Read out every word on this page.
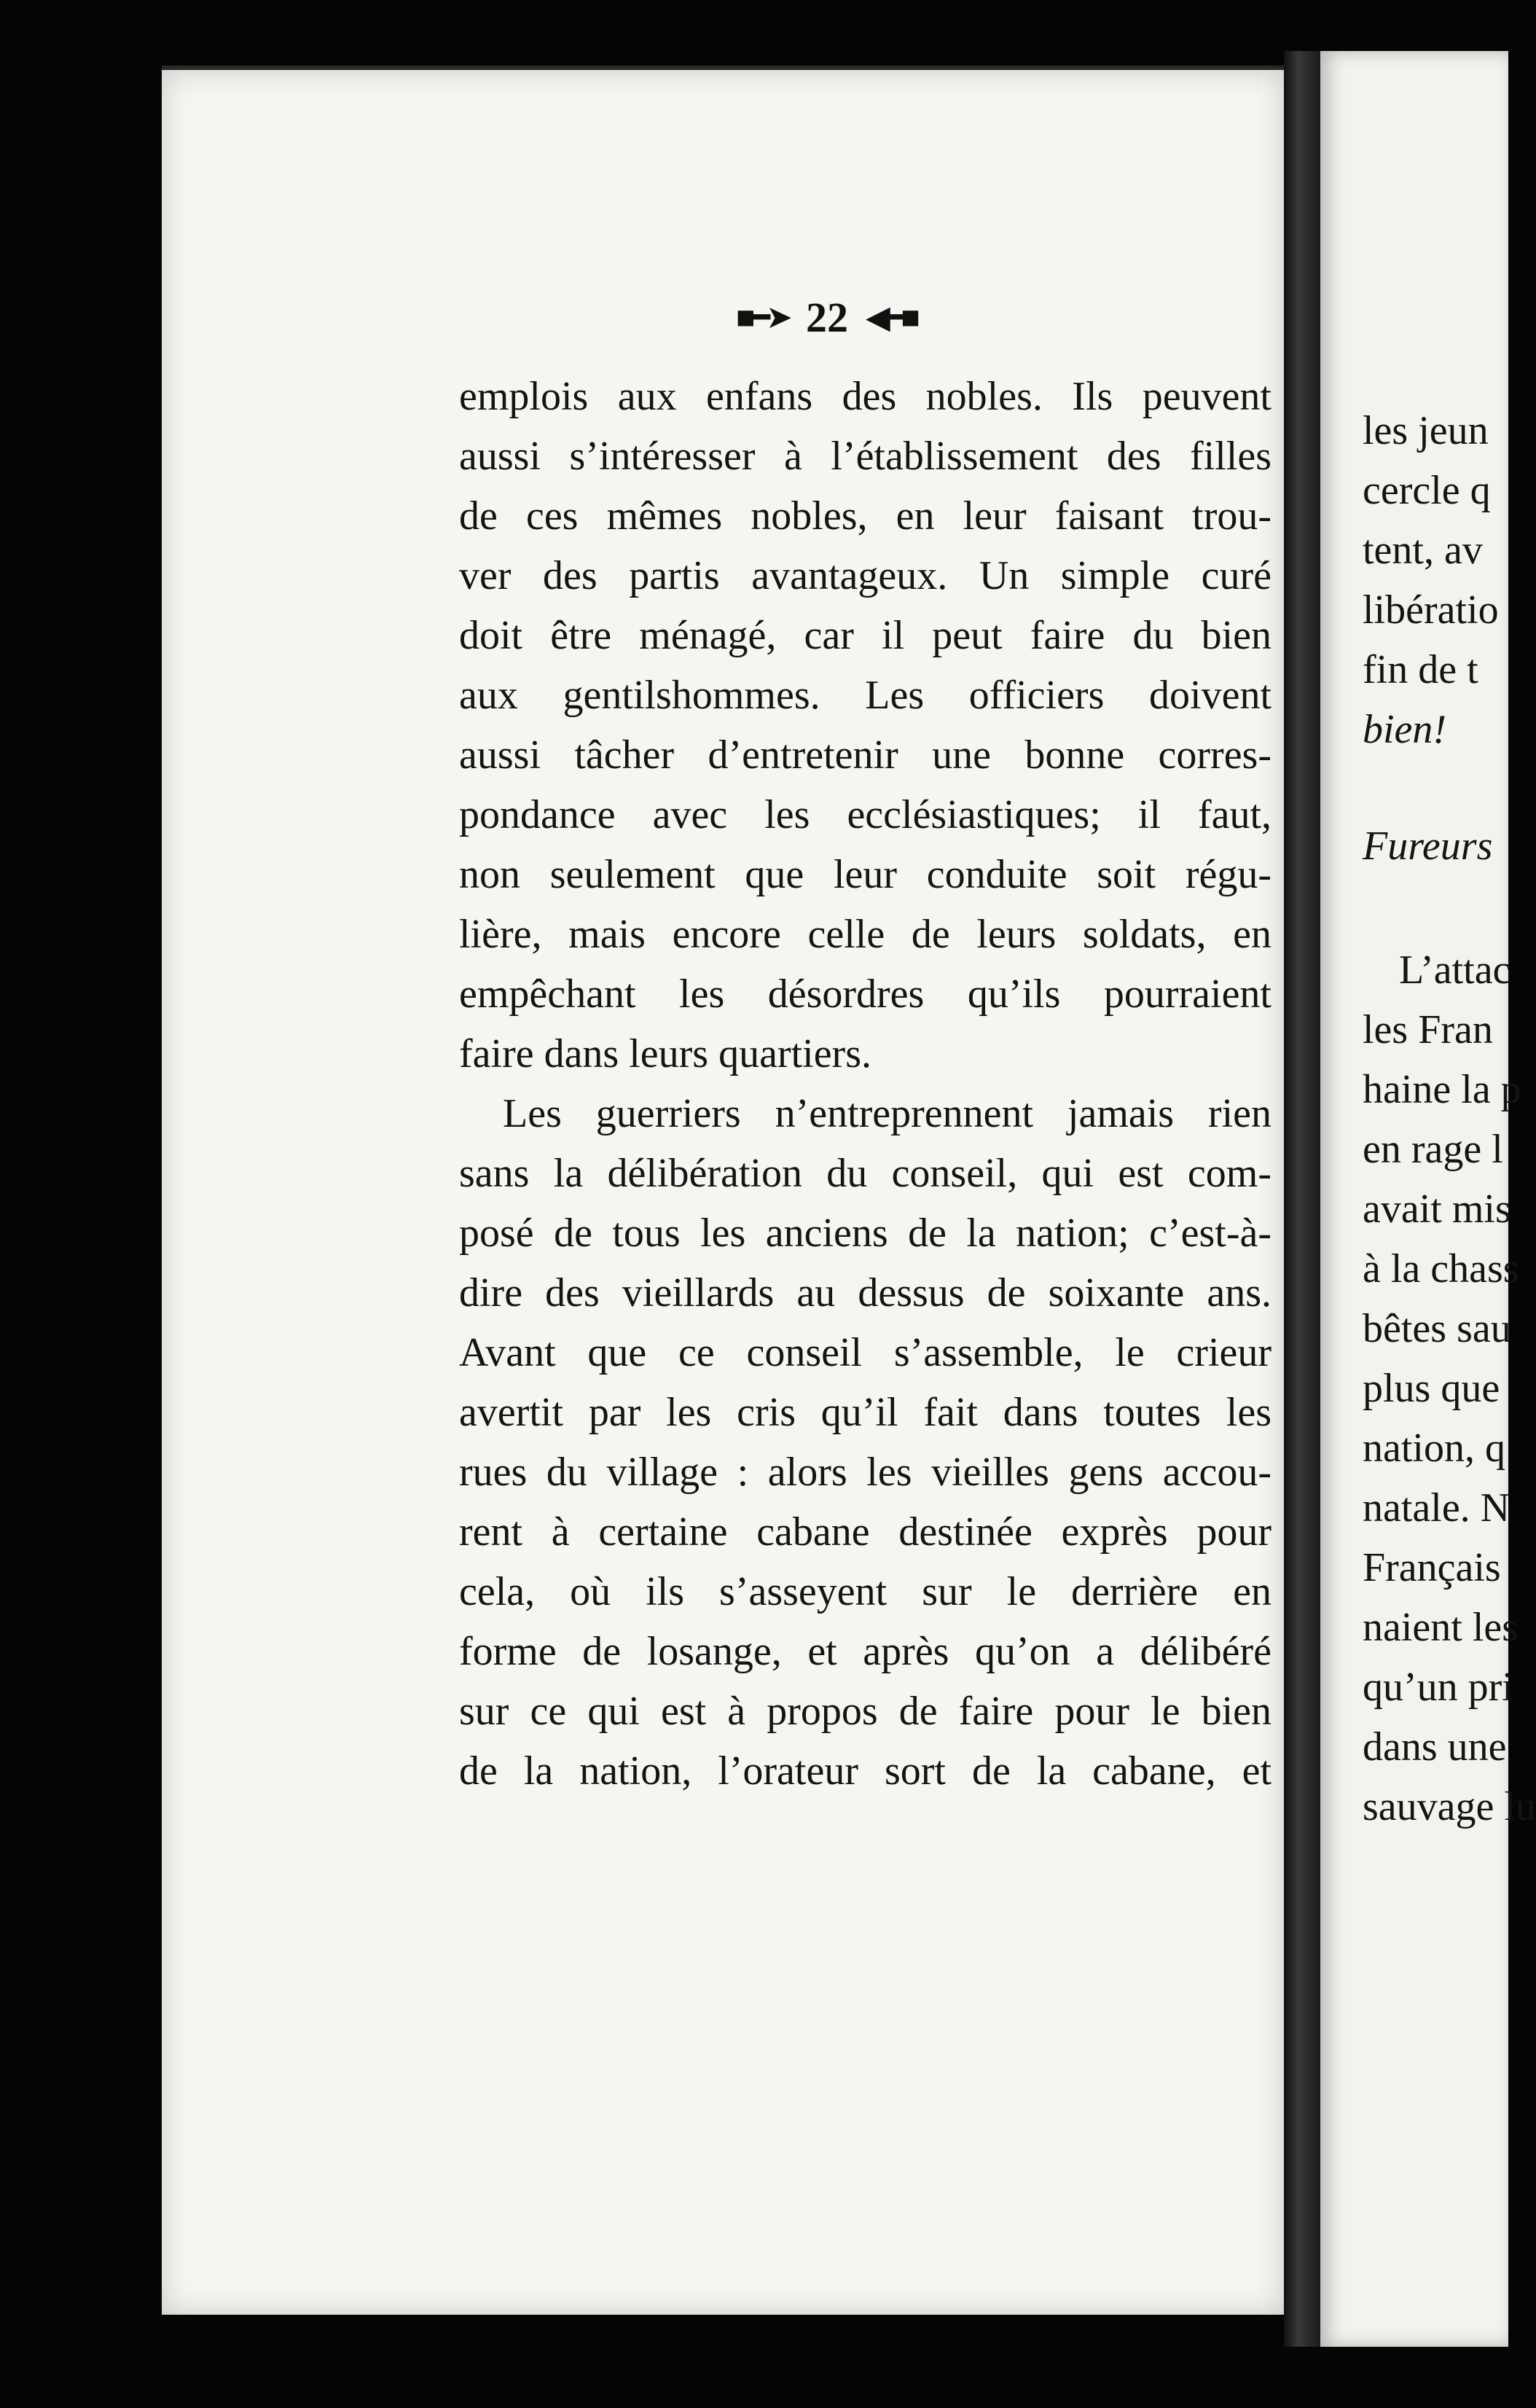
■━➤ 22 ◀━■
emplois aux enfans des nobles. Ils peuvent
aussi s’intéresser à l’établissement des filles
de ces mêmes nobles, en leur faisant trou-
ver des partis avantageux. Un simple curé
doit être ménagé, car il peut faire du bien
aux gentilshommes. Les officiers doivent
aussi tâcher d’entretenir une bonne corres-
pondance avec les ecclésiastiques; il faut,
non seulement que leur conduite soit régu-
lière, mais encore celle de leurs soldats, en
empêchant les désordres qu’ils pourraient
faire dans leurs quartiers.
Les guerriers n’entreprennent jamais rien
sans la délibération du conseil, qui est com-
posé de tous les anciens de la nation; c’est-à-
dire des vieillards au dessus de soixante ans.
Avant que ce conseil s’assemble, le crieur
avertit par les cris qu’il fait dans toutes les
rues du village : alors les vieilles gens accou-
rent à certaine cabane destinée exprès pour
cela, où ils s’asseyent sur le derrière en
forme de losange, et après qu’on a délibéré
sur ce qui est à propos de faire pour le bien
de la nation, l’orateur sort de la cabane, et
les jeun
cercle q
tent, av
libératio
fin de t
bien!
Fureurs
L’attac
les Fran
haine la p
en rage l
avait mis
à la chass
bêtes sau
plus que
nation, q
natale. N
Français
naient les
qu’un pri
dans une
sauvage lu
